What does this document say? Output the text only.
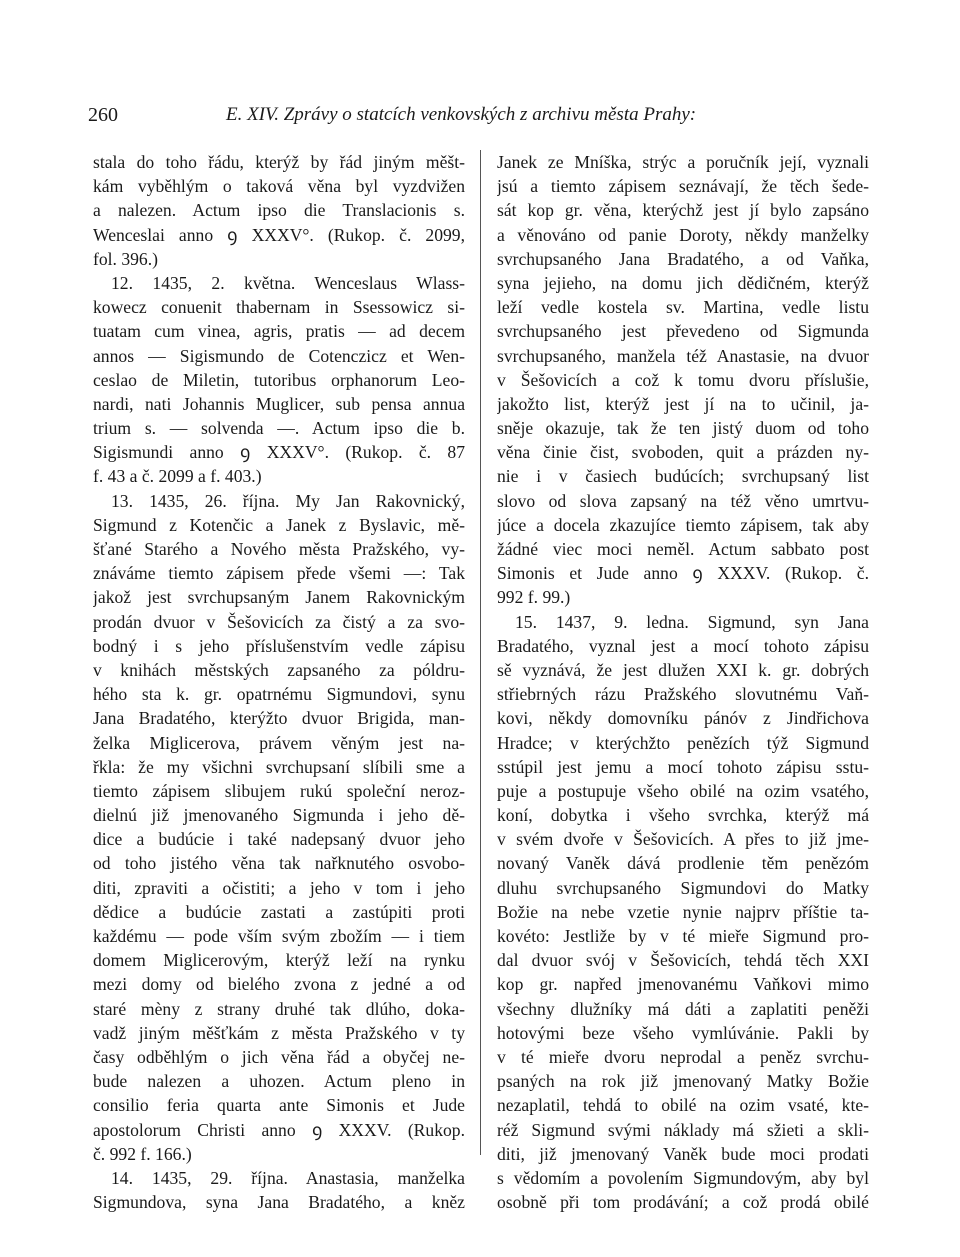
260	E. XIV. Zprávy o statcích venkovských z archivu města Prahy:
stala do toho řádu, kterýž by řád jiným měšt-
kám vyběhlým o taková věna byl vyzdvižen
a nalezen. Actum ipso die Translacionis s.
Wenceslai anno ꝯ XXXV°. (Rukop. č. 2099,
fol. 396.)
12. 1435, 2. května. Wenceslaus Wlass-
kowecz conuenit thabernam in Ssessowicz si-
tuatam cum vinea, agris, pratis — ad decem
annos — Sigismundo de Cotenczicz et Wen-
ceslao de Miletin, tutoribus orphanorum Leo-
nardi, nati Johannis Muglicer, sub pensa annua
trium s. — solvenda —. Actum ipso die b.
Sigismundi anno ꝯ XXXV°. (Rukop. č. 87
f. 43 a č. 2099 a f. 403.)
13. 1435, 26. října. My Jan Rakovnický,
Sigmund z Kotenčic a Janek z Byslavic, mě-
šťané Starého a Nového města Pražského, vy-
znáváme tiemto zápisem přede všemi —: Tak
jakož jest svrchupsaným Janem Rakovnickým
prodán dvuor v Šešovicích za čistý a za svo-
bodný i s jeho příslušenstvím vedle zápisu
v knihách městských zapsaného za póldru-
hého sta k. gr. opatrnému Sigmundovi, synu
Jana Bradatého, kterýžto dvuor Brigida, man-
želka Miglicerova, právem věným jest na-
řkla: že my všichni svrchupsaní slíbili sme a
tiemto zápisem slibujem rukú společní neroz-
dielnú již jmenovaného Sigmunda i jeho dě-
dice a budúcie i také nadepsaný dvuor jeho
od toho jistého věna tak nařknutého osvobo-
diti, zpraviti a očistiti; a jeho v tom i jeho
dědice a budúcie zastati a zastúpiti proti
každému — pode vším svým zbožím — i tiem
domem Miglicerovým, kterýž leží na rynku
mezi domy od bieléhо zvona z jedné a od
staré mèny z strany druhé tak dlúho, doka-
vadž jiným měšťkám z města Pražského v ty
časy odběhlým o jich věna řád a obyčej ne-
bude nalezen a uhozen. Actum pleno in
consilio feria quarta ante Simonis et Jude
apostolorum Christi anno ꝯ XXXV. (Rukop.
č. 992 f. 166.)
14. 1435, 29. října. Anastasia, manželka
Sigmundova, syna Jana Bradatého, a kněz
Janek ze Mníška, strýc a poručník její, vyznali
jsú a tiemto zápisem seznávají, že těch šede-
sát kop gr. věna, kterýchž jest jí bylo zapsáno
a věnováno od panie Doroty, někdy manželky
svrchupsaného Jana Bradatého, a od Vaňka,
syna jejieho, na domu jich dědičném, kterýž
leží vedle kostela sv. Martina, vedle listu
svrchupsaného jest převedeno od Sigmunda
svrchupsaného, manželа též Anastasie, na dvuor
v Šešovicích a což k tomu dvoru příslušie,
jakožto list, kterýž jest jí na to učinil, ja-
sněje okazuje, tak že ten jistý duom od toho
věna činie čist, svoboden, quit a prázden ny-
nie i v časiech budúcích; svrchupsaný list
slovo od slova zapsaný na též věno umrtvu-
júce a docela zkazujíce tiemto zápisem, tak aby
žádné viec moci neměl. Actum sabbato post
Simonis et Jude anno ꝯ XXXV. (Rukop. č.
992 f. 99.)
15. 1437, 9. ledna. Sigmund, syn Jana
Bradatého, vyznal jest a mocí tohoto zápisu
sě vyznává, že jest dlužen XXI k. gr. dobrých
střiebrných rázu Pražského slovutnému Vaň-
kovi, někdy domovníku pánóv z Jindřichova
Hradce; v kterýchžto penězích týž Sigmund
sstúpil jest jemu a mocí tohoto zápisu sstu-
puje a postupuje všeho obilé na ozim vsatého,
koní, dobytka i všeho svrchka, kterýž má
v svém dvoře v Šešovicích. A přes to již jme-
novaný Vaněk dává prodlenie těm penězóm
dluhu svrchupsaného Sigmundovi do Matky
Božie na nebe vzetie nynie najprv příštie ta-
kovéto: Jestliže by v té mieře Sigmund pro-
dal dvuor svój v Šešovicích, tehdá těch XXI
kop gr. napřed jmenovanému Vaňkovi mimo
všechny dlužníky má dáti a zaplatiti peněži
hotovými beze všeho vymlúvánie. Pakli by
v té mieře dvoru neprodal a peněz svrchu-
psaných na rok již jmenovaný Matky Božie
nezaplatil, tehdá to obilé na ozim vsaté, kte-
réž Sigmund svými náklady má sžieti a skli-
diti, již jmenovaný Vaněk bude moci prodati
s vědomím a povolením Sigmundovým, aby byl
osobně při tom prodávání; a což prodá obilé
